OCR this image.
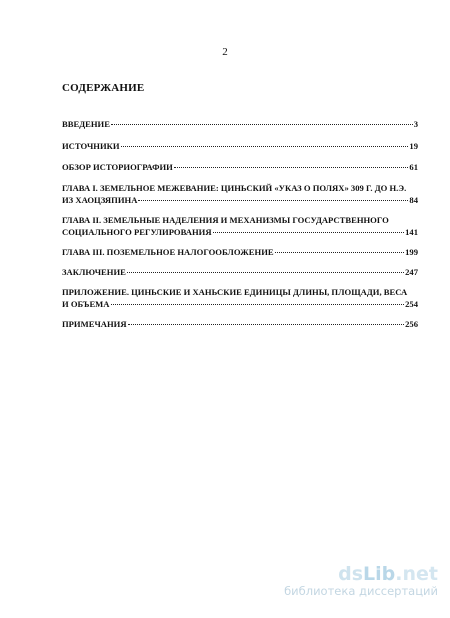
2
СОДЕРЖАНИЕ
ВВЕДЕНИЕ	3
ИСТОЧНИКИ	19
ОБЗОР ИСТОРИОГРАФИИ	61
ГЛАВА I. ЗЕМЕЛЬНОЕ МЕЖЕВАНИЕ: ЦИНЬСКИЙ «УКАЗ О ПОЛЯХ» 309 Г. ДО Н.Э.
ИЗ ХАОЦЗЯПИНА	84
ГЛАВА II. ЗЕМЕЛЬНЫЕ НАДЕЛЕНИЯ И МЕХАНИЗМЫ ГОСУДАРСТВЕННОГО
СОЦИАЛЬНОГО РЕГУЛИРОВАНИЯ	141
ГЛАВА III. ПОЗЕМЕЛЬНОЕ НАЛОГООБЛОЖЕНИЕ	199
ЗАКЛЮЧЕНИЕ	247
ПРИЛОЖЕНИЕ. ЦИНЬСКИЕ И ХАНЬСКИЕ ЕДИНИЦЫ ДЛИНЫ, ПЛОЩАДИ, ВЕСА
И ОБЪЕМА	254
ПРИМЕЧАНИЯ	256
dsLib.net
библиотека диссертаций
